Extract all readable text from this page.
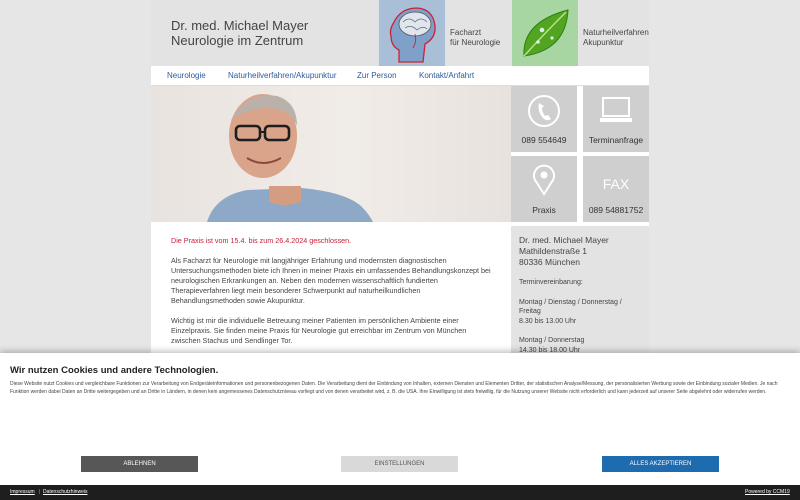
Dr. med. Michael Mayer
Neurologie im Zentrum
Facharzt
für Neurologie
Naturheilverfahren
Akupunktur
Neurologie	Naturheilverfahren/Akupunktur	Zur Person	Kontakt/Anfahrt
089 554649	Terminanfrage
Praxis
FAX
089 54881752

Die Praxis ist vom 15.4. bis zum 26.4.2024 geschlossen.

Als Facharzt für Neurologie mit langjähriger Erfahrung und modernsten diagnostischen Untersuchungsmethoden biete ich Ihnen in meiner Praxis ein umfassendes Behandlungskonzept bei neurologischen Erkrankungen an. Neben den modernen wissenschaftlich fundierten Therapieverfahren liegt mein besonderer Schwerpunkt auf naturheilkundlichen Behandlungsmethoden sowie Akupunktur.

Wichtig ist mir die individuelle Betreuung meiner Patienten im persönlichen Ambiente einer Einzelpraxis. Sie finden meine Praxis für Neurologie gut erreichbar im Zentrum von München zwischen Stachus und Sendlinger Tor.

Dr. med. Michael Mayer
Mathildenstraße 1
80336 München
Terminvereinbarung:
Montag / Dienstag / Donnerstag / Freitag
8.30 bis 13.00 Uhr
Montag / Donnerstag
14.30 bis 18.00 Uhr
Wir nutzen Cookies und andere Technologien.
Diese Website nutzt Cookies und vergleichbare Funktionen zur Verarbeitung von Endgeräteinformationen und personenbezogenen Daten. Die Verarbeitung dient der Einbindung von Inhalten, externen Diensten und Elementen Dritter, der statistischen Analyse/Messung, der personalisierten Werbung sowie der Einbindung sozialer Medien. Je nach Funktion werden dabei Daten an Dritte weitergegeben und an Dritte in Ländern, in denen kein angemessenes Datenschutzniveau vorliegt und von denen verarbeitet wird, z. B. die USA. Ihre Einwilligung ist stets freiwillig, für die Nutzung unserer Website nicht erforderlich und kann jederzeit auf unserer Seite abgelehnt oder widerrufen werden.
ABLEHNEN	EINSTELLUNGEN	ALLES AKZEPTIEREN
Impressum | Datenschutzhinweis	Powered by CCM19
